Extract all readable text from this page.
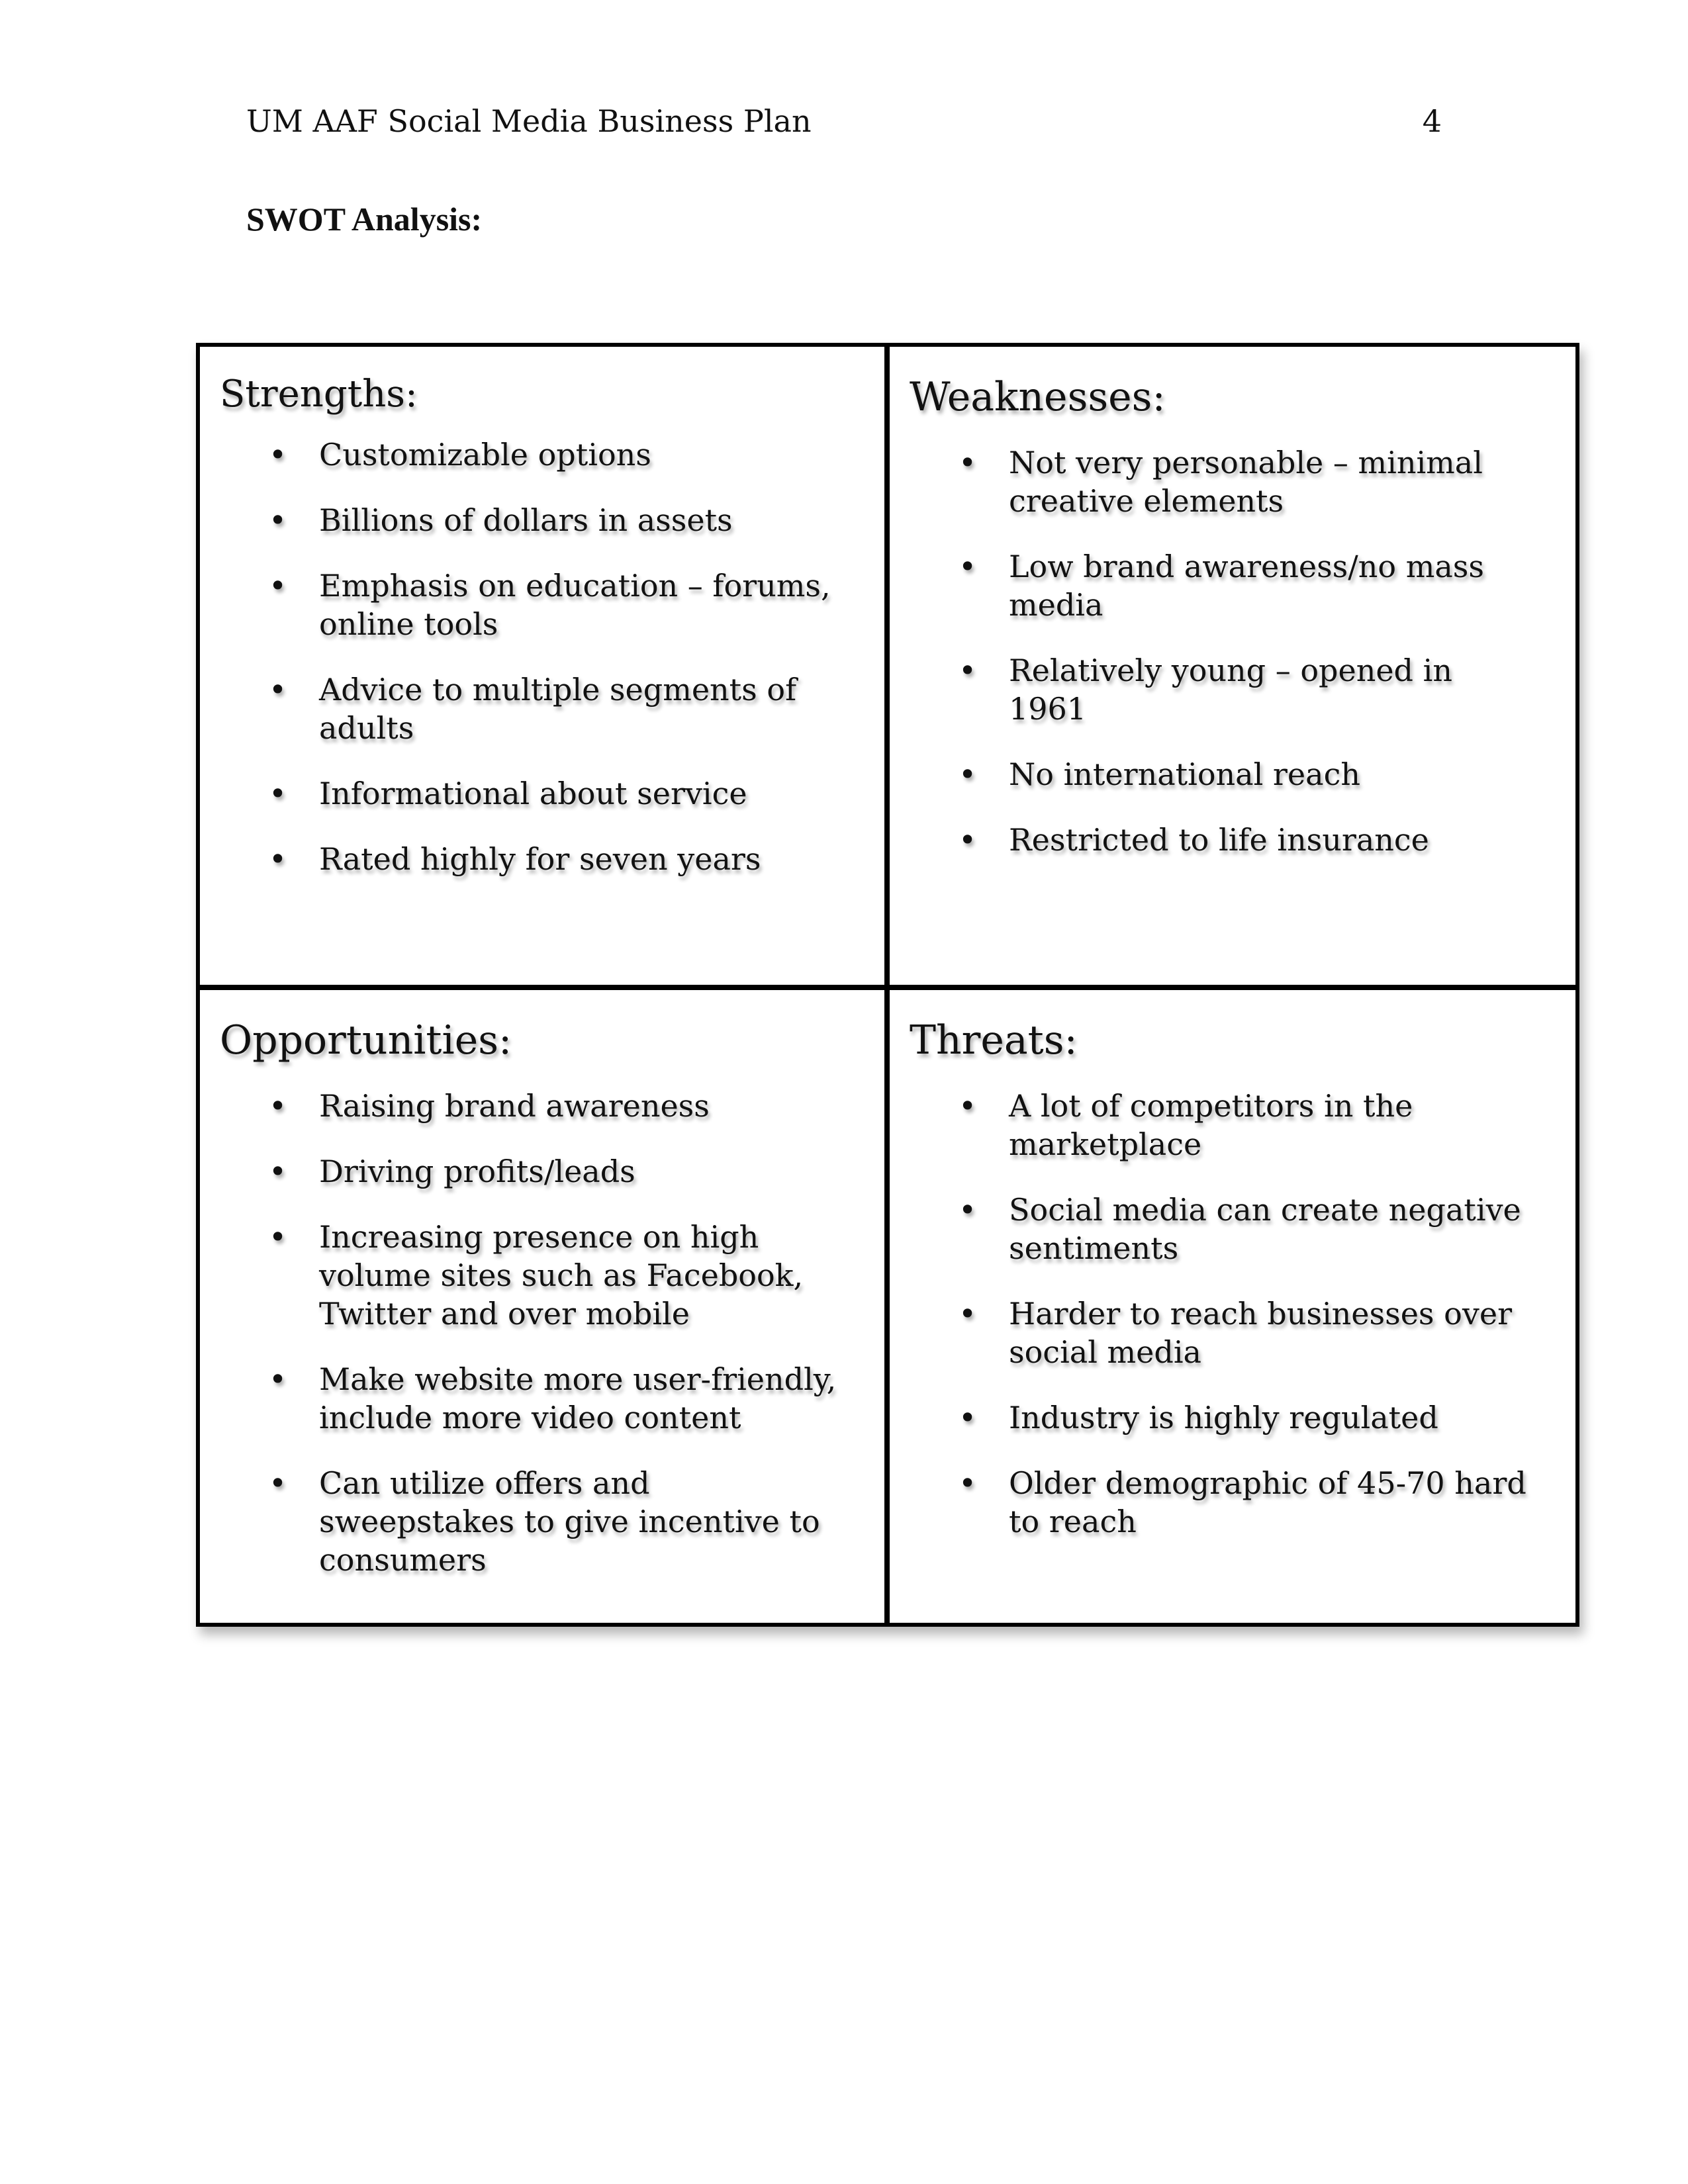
UM AAF Social Media Business Plan	4
SWOT Analysis:
Strengths:
• Customizable options
• Billions of dollars in assets
• Emphasis on education – forums, online tools
• Advice to multiple segments of adults
• Informational about service
• Rated highly for seven years
Weaknesses:
• Not very personable – minimal creative elements
• Low brand awareness/no mass media
• Relatively young – opened in 1961
• No international reach
• Restricted to life insurance
Opportunities:
• Raising brand awareness
• Driving profits/leads
• Increasing presence on high volume sites such as Facebook, Twitter and over mobile
• Make website more user-friendly, include more video content
• Can utilize offers and sweepstakes to give incentive to consumers
Threats:
• A lot of competitors in the marketplace
• Social media can create negative sentiments
• Harder to reach businesses over social media
• Industry is highly regulated
• Older demographic of 45-70 hard to reach
